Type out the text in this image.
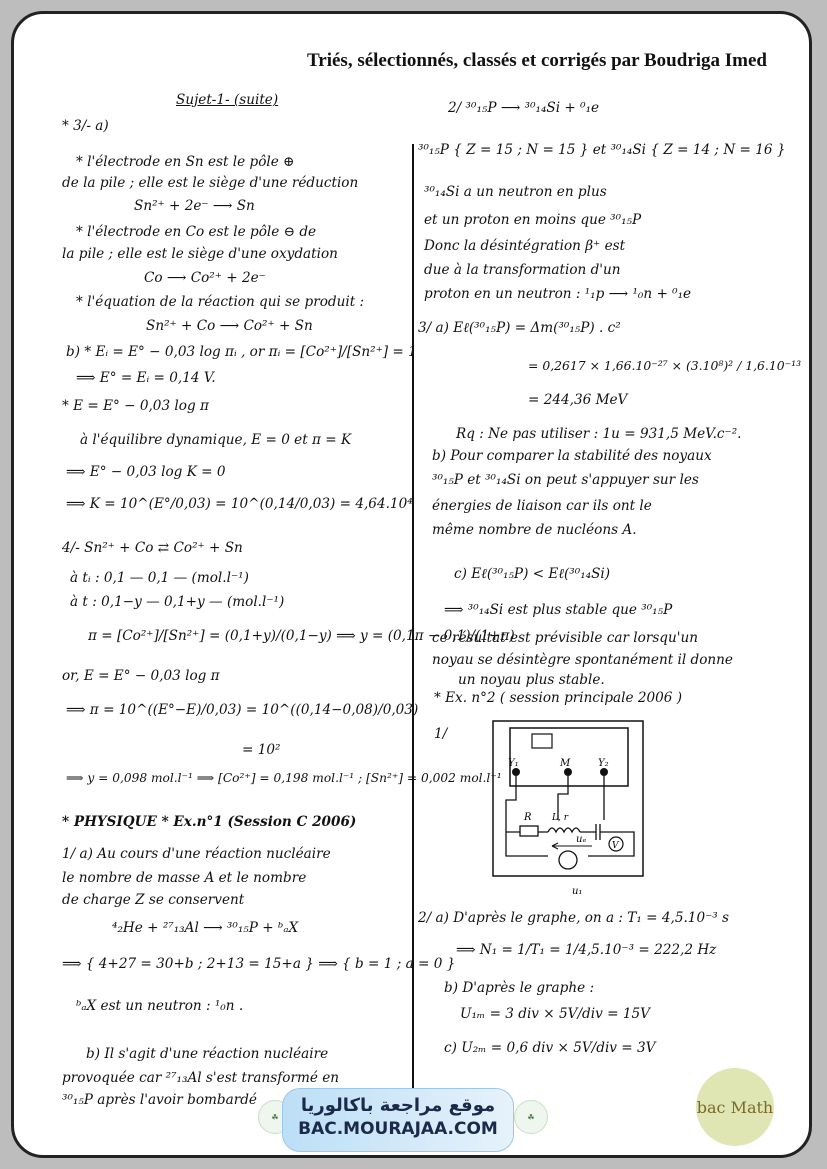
Triés, sélectionnés, classés et corrigés par Boudriga Imed
Sujet-1- (suite)
* 3/- a)
* l'électrode en Sn est le pôle ⊕
de la pile ; elle est le siège d'une réduction
Sn²⁺ + 2e⁻ ⟶ Sn
* l'électrode en Co est le pôle ⊖ de
la pile ; elle est le siège d'une oxydation
Co ⟶ Co²⁺ + 2e⁻
* l'équation de la réaction qui se produit :
Sn²⁺ + Co ⟶ Co²⁺ + Sn
b) * Eᵢ = E° − 0,03 log πᵢ , or πᵢ = [Co²⁺]/[Sn²⁺] = 1
⟹ E° = Eᵢ = 0,14 V.
* E = E° − 0,03 log π
à l'équilibre dynamique, E = 0 et π = K
⟹ E° − 0,03 log K = 0
⟹ K = 10^(E°/0,03) = 10^(0,14/0,03) = 4,64.10⁴
4/- Sn²⁺ + Co ⇄ Co²⁺ + Sn
à tᵢ : 0,1 — 0,1 — (mol.l⁻¹)
à t : 0,1−y — 0,1+y — (mol.l⁻¹)
π = [Co²⁺]/[Sn²⁺] = (0,1+y)/(0,1−y) ⟹ y = (0,1π − 0,1)/(1+π)
or, E = E° − 0,03 log π
⟹ π = 10^((E°−E)/0,03) = 10^((0,14−0,08)/0,03)
= 10²
⟹ y = 0,098 mol.l⁻¹ ⟹ [Co²⁺] = 0,198 mol.l⁻¹ ; [Sn²⁺] = 0,002 mol.l⁻¹
* PHYSIQUE * Ex.n°1 (Session C 2006)
1/ a) Au cours d'une réaction nucléaire
le nombre de masse A et le nombre
de charge Z se conservent
⁴₂He + ²⁷₁₃Al ⟶ ³⁰₁₅P + ᵇₐX
⟹ { 4+27 = 30+b ; 2+13 = 15+a } ⟹ { b = 1 ; a = 0 }
ᵇₐX est un neutron : ¹₀n .
b) Il s'agit d'une réaction nucléaire
provoquée car ²⁷₁₃Al s'est transformé en
³⁰₁₅P après l'avoir bombardé
2/ ³⁰₁₅P ⟶ ³⁰₁₄Si + ⁰₁e
³⁰₁₅P { Z = 15 ; N = 15 } et ³⁰₁₄Si { Z = 14 ; N = 16 }
³⁰₁₄Si a un neutron en plus
et un proton en moins que ³⁰₁₅P
Donc la désintégration β⁺ est
due à la transformation d'un
proton en un neutron : ¹₁p ⟶ ¹₀n + ⁰₁e
3/ a) Eℓ(³⁰₁₅P) = Δm(³⁰₁₅P) . c²
= 0,2617 × 1,66.10⁻²⁷ × (3.10⁸)² / 1,6.10⁻¹³
= 244,36 MeV
Rq : Ne pas utiliser : 1u = 931,5 MeV.c⁻².
b) Pour comparer la stabilité des noyaux
³⁰₁₅P et ³⁰₁₄Si on peut s'appuyer sur les
énergies de liaison car ils ont le
même nombre de nucléons A.
c) Eℓ(³⁰₁₅P) < Eℓ(³⁰₁₄Si)
⟹ ³⁰₁₄Si est plus stable que ³⁰₁₅P
ce résultat est prévisible car lorsqu'un
noyau se désintègre spontanément il donne
un noyau plus stable.
* Ex. n°2 ( session principale 2006 )
1/
2/ a) D'après le graphe, on a : T₁ = 4,5.10⁻³ s
⟹ N₁ = 1/T₁ = 1/4,5.10⁻³ = 222,2 Hz
b) D'après le graphe :
U₁ₘ = 3 div × 5V/div = 15V
c) U₂ₘ = 0,6 div × 5V/div = 3V
Y₁	M	Y₂
R L, r
V
uₑ
u₁
☘
موقع مراجعة باكالوريا
BAC.MOURAJAA.COM
☘
bac Math
